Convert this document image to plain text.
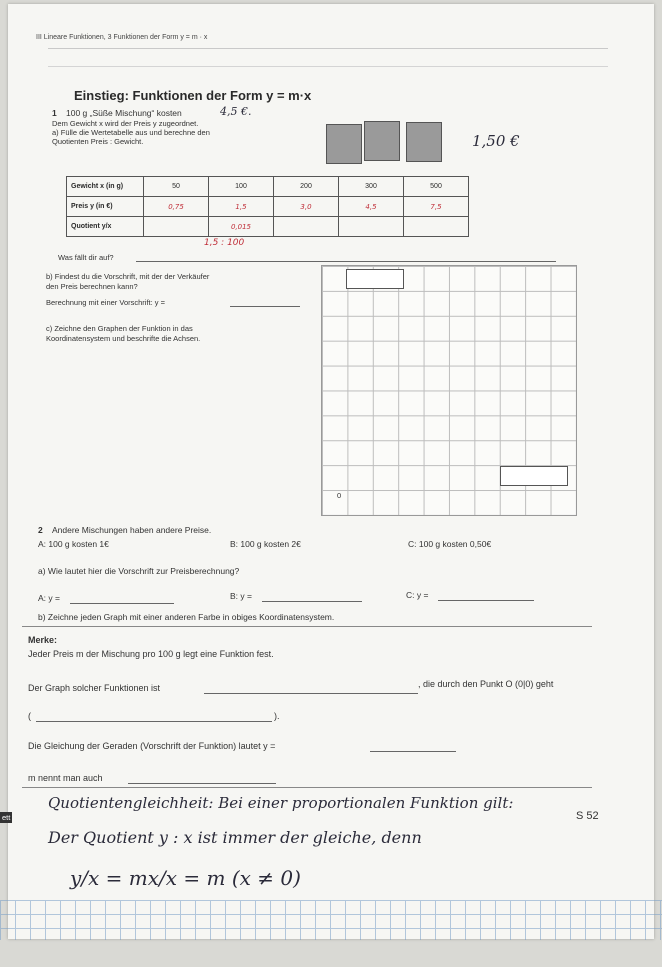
III Lineare Funktionen, 3 Funktionen der Form y = m · x
Einstieg: Funktionen der Form y = m·x
1 100 g „Süße Mischung“ kosten	4,5 €.
Dem Gewicht x wird der Preis y zugeordnet.
a) Fülle die Wertetabelle aus und berechne den
Quotienten Preis : Gewicht.	1,50 €
Gewicht x (in g)	50	100	200	300	500
Preis y (in €)	0,75	1,5	3,0	4,5	7,5
Quotient y/x		0,015			
1,5 : 100
Was fällt dir auf?
b) Findest du die Vorschrift, mit der der Verkäufer
den Preis berechnen kann?
Berechnung mit einer Vorschrift: y =
c) Zeichne den Graphen der Funktion in das
Koordinatensystem und beschrifte die Achsen.
0
2 Andere Mischungen haben andere Preise.
A: 100 g kosten 1€	B: 100 g kosten 2€	C: 100 g kosten 0,50€
a) Wie lautet hier die Vorschrift zur Preisberechnung?
A: y =	B: y =	C: y =
b) Zeichne jeden Graph mit einer anderen Farbe in obiges Koordinatensystem.
Merke:
Jeder Preis m der Mischung pro 100 g legt eine Funktion fest.
Der Graph solcher Funktionen ist	, die durch den Punkt O (0|0) geht
(	).
Die Gleichung der Geraden (Vorschrift der Funktion) lautet y =
m nennt man auch
Quotientengleichheit: Bei einer proportionalen Funktion gilt:
S 52
Der Quotient y : x ist immer der gleiche, denn
y/x = mx/x = m (x ≠ 0)
ett
